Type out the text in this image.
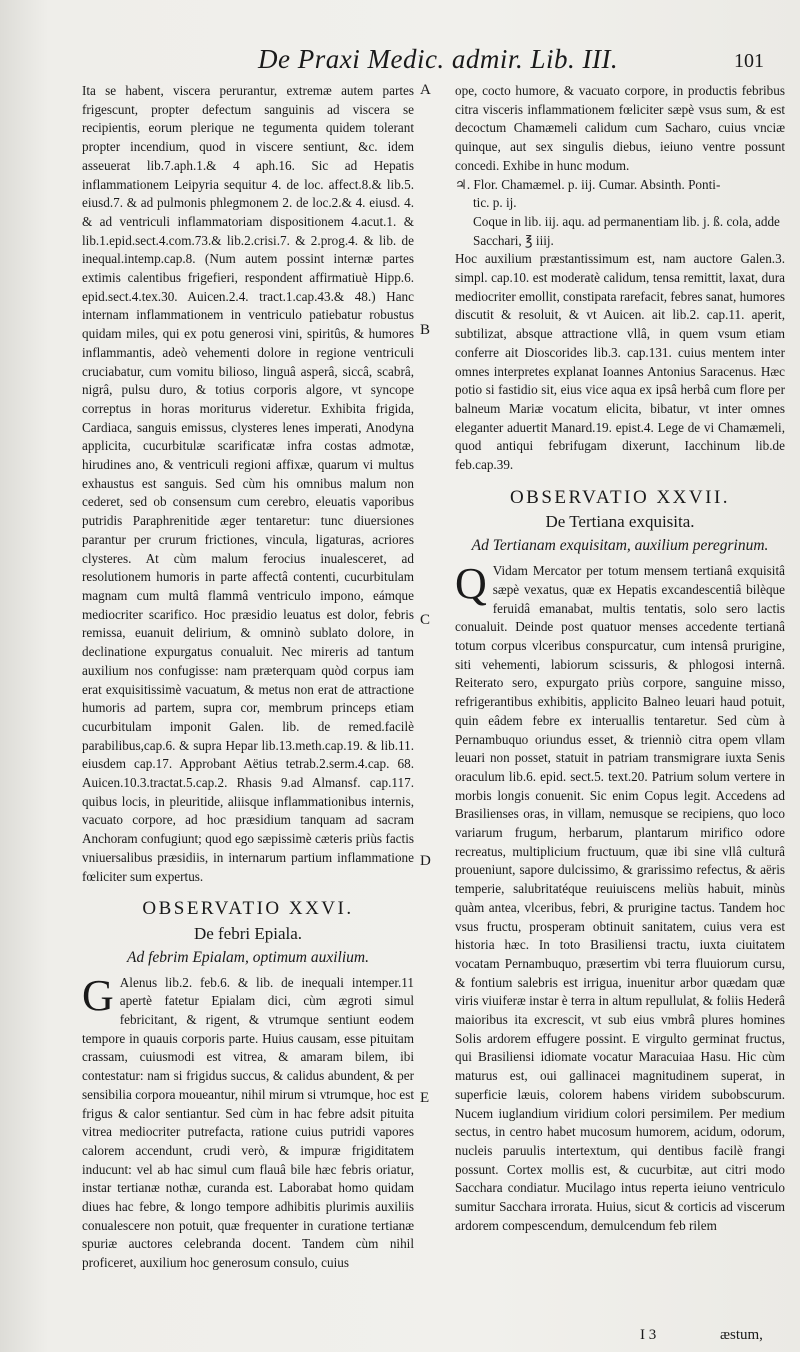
De Praxi Medic. admir. Lib. III.	101
A
B
C
D
E

Ita se habent, viscera perurantur, extremæ autem partes frigescunt, propter defectum sanguinis ad viscera se recipientis, eorum plerique ne tegumenta quidem tolerant propter incendium, quod in viscere sentiunt, &c. idem asseuerat lib.7.aph.1.& 4 aph.16. Sic ad Hepatis inflammationem Leipyria sequitur 4. de loc. affect.8.& lib.5. eiusd.7. & ad pulmonis phlegmonem 2. de loc.2.& 4. eiusd. 4. & ad ventriculi inflammatoriam dispositionem 4.acut.1. & lib.1.epid.sect.4.com.73.& lib.2.crisi.7. & 2.prog.4. & lib. de inequal.intemp.cap.8. (Num autem possint internæ partes extimis calentibus frigefieri, respondent affirmatiuè Hipp.6. epid.sect.4.tex.30. Auicen.2.4. tract.1.cap.43.& 48.) Hanc internam inflammationem in ventriculo patiebatur robustus quidam miles, qui ex potu generosi vini, spiritûs, & humores inflammantis, adeò vehementi dolore in regione ventriculi cruciabatur, cum vomitu bilioso, linguâ asperâ, siccâ, scabrâ, nigrâ, pulsu duro, & totius corporis algore, vt syncope correptus in horas moriturus videretur. Exhibita frigida, Cardiaca, sanguis emissus, clysteres lenes imperati, Anodyna applicita, cucurbitulæ scarificatæ infra costas admotæ, hirudines ano, & ventriculi regioni affixæ, quarum vi multus exhaustus est sanguis. Sed cùm his omnibus malum non cederet, sed ob consensum cum cerebro, eleuatis vaporibus putridis Paraphrenitide æger tentaretur: tunc diuersiones parantur per crurum frictiones, vincula, ligaturas, acriores clysteres. At cùm malum ferocius inualesceret, ad resolutionem humoris in parte affectâ contenti, cucurbitulam magnam cum multâ flammâ ventriculo impono, eámque mediocriter scarifico. Hoc præsidio leuatus est dolor, febris remissa, euanuit delirium, & omninò sublato dolore, in declinatione expurgatus conualuit. Nec mireris ad tantum auxilium nos confugisse: nam præterquam quòd corpus iam erat exquisitissimè vacuatum, & metus non erat de attractione humoris ad partem, supra cor, membrum princeps etiam cucurbitulam imponit Galen. lib. de remed.facilè parabilibus,cap.6. & supra Hepar lib.13.meth.cap.19. & lib.11. eiusdem cap.17. Approbant Aëtius tetrab.2.serm.4.cap. 68. Auicen.10.3.tractat.5.cap.2. Rhasis 9.ad Almansf. cap.117. quibus locis, in pleuritide, aliisque inflammationibus internis, vacuato corpore, ad hoc præsidium tanquam ad sacram Anchoram confugiunt; quod ego sæpissimè cæteris priùs factis vniuersalibus præsidiis, in internarum partium inflammatione fœliciter sum expertus.

OBSERVATIO XXVI.
De febri Epiala.
Ad febrim Epialam, optimum auxilium.

G Alenus lib.2. feb.6. & lib. de inequali intemper.11 apertè fatetur Epialam dici, cùm ægroti simul febricitant, & rigent, & vtrumque sentiunt eodem tempore in quauis corporis parte. Huius causam, esse pituitam crassam, cuiusmodi est vitrea, & amaram bilem, ibi contestatur: nam si frigidus succus, & calidus abundent, & per sensibilia corpora moueantur, nihil mirum si vtrumque, hoc est frigus & calor sentiantur. Sed cùm in hac febre adsit pituita vitrea mediocriter putrefacta, ratione cuius putridi vapores calorem accendunt, crudi verò, & impuræ frigiditatem inducunt: vel ab hac simul cum flauâ bile hæc febris oriatur, instar tertianæ nothæ, curanda est. Laborabat homo quidam diues hac febre, & longo tempore adhibitis plurimis auxiliis conualescere non potuit, quæ frequenter in curatione tertianæ spuriæ auctores celebranda docent. Tandem cùm nihil proficeret, auxilium hoc generosum consulo, cuius

ope, cocto humore, & vacuato corpore, in productis febribus citra visceris inflammationem fœliciter sæpè vsus sum, & est decoctum Chamæmeli calidum cum Sacharo, cuius vnciæ quinque, aut sex singulis diebus, ieiuno ventre possunt concedi. Exhibe in hunc modum.

♃. Flor. Chamæmel. p. iij. Cumar. Absinth. Ponti-
tic. p. ij.
Coque in lib. iij. aqu. ad permanentiam lib. j. ß. cola, adde
Sacchari, ℥ iiij.

Hoc auxilium præstantissimum est, nam auctore Galen.3. simpl. cap.10. est moderatè calidum, tensa remittit, laxat, dura mediocriter emollit, constipata rarefacit, febres sanat, humores discutit & resoluit, & vt Auicen. ait lib.2. cap.11. aperit, subtilizat, absque attractione vllâ, in quem vsum etiam conferre ait Dioscorides lib.3. cap.131. cuius mentem inter omnes interpretes explanat Ioannes Antonius Saracenus. Hæc potio si fastidio sit, eius vice aqua ex ipsâ herbâ cum flore per balneum Mariæ vocatum elicita, bibatur, vt inter omnes eleganter aduertit Manard.19. epist.4. Lege de vi Chamæmeli, quod antiqui febrifugam dixerunt, Iacchinum lib.de feb.cap.39.

OBSERVATIO XXVII.
De Tertiana exquisita.
Ad Tertianam exquisitam, auxilium peregrinum.

Q Vidam Mercator per totum mensem tertianâ exquisitâ sæpè vexatus, quæ ex Hepatis excandescentiâ bilèque feruidâ emanabat, multis tentatis, solo sero lactis conualuit. Deinde post quatuor menses accedente tertianâ totum corpus vlceribus conspurcatur, cum intensâ prurigine, siti vehementi, labiorum scissuris, & phlogosi internâ. Reiterato sero, expurgato priùs corpore, sanguine misso, refrigerantibus exhibitis, applicito Balneo leuari haud potuit, quin eâdem febre ex interuallis tentaretur. Sed cùm à Pernambuquo oriundus esset, & trienniò citra opem vllam leuari non posset, statuit in patriam transmigrare iuxta Senis oraculum lib.6. epid. sect.5. text.20. Patrium solum vertere in morbis longis conuenit. Sic enim Copus legit. Accedens ad Brasilienses oras, in villam, nemusque se recipiens, quo loco variarum frugum, herbarum, plantarum mirifico odore recreatus, multiplicium fructuum, quæ ibi sine vllâ culturâ proueniunt, sapore dulcissimo, & grarissimo refectus, & aëris temperie, salubritatéque reuiuiscens meliùs habuit, minùs quàm antea, vlceribus, febri, & prurigine tactus. Tandem hoc vsus fructu, prosperam obtinuit sanitatem, cuius vera est historia hæc. In toto Brasiliensi tractu, iuxta ciuitatem vocatam Pernambuquo, præsertim vbi terra fluuiorum cursu, & fontium salebris est irrigua, inuenitur arbor quædam quæ viris viuiferæ instar è terra in altum repullulat, & foliis Hederâ maioribus ita excrescit, vt sub eius vmbrâ plures homines Solis ardorem effugere possint. E virgulto germinat fructus, qui Brasiliensi idiomate vocatur Maracuiaa Hasu. Hic cùm maturus est, oui gallinacei magnitudinem superat, in superficie læuis, colorem habens viridem subobscurum. Nucem iuglandium viridium colori persimilem. Per medium sectus, in centro habet mucosum humorem, acidum, odorum, nucleis paruulis intertextum, qui dentibus facilè frangi possunt. Cortex mollis est, & cucurbitæ, aut citri modo Sacchara condiatur. Mucilago intus reperta ieiuno ventriculo sumitur Sacchara irrorata. Huius, sicut & corticis ad viscerum ardorem compescendum, demulcendum feb rilem

I 3	æstum,
